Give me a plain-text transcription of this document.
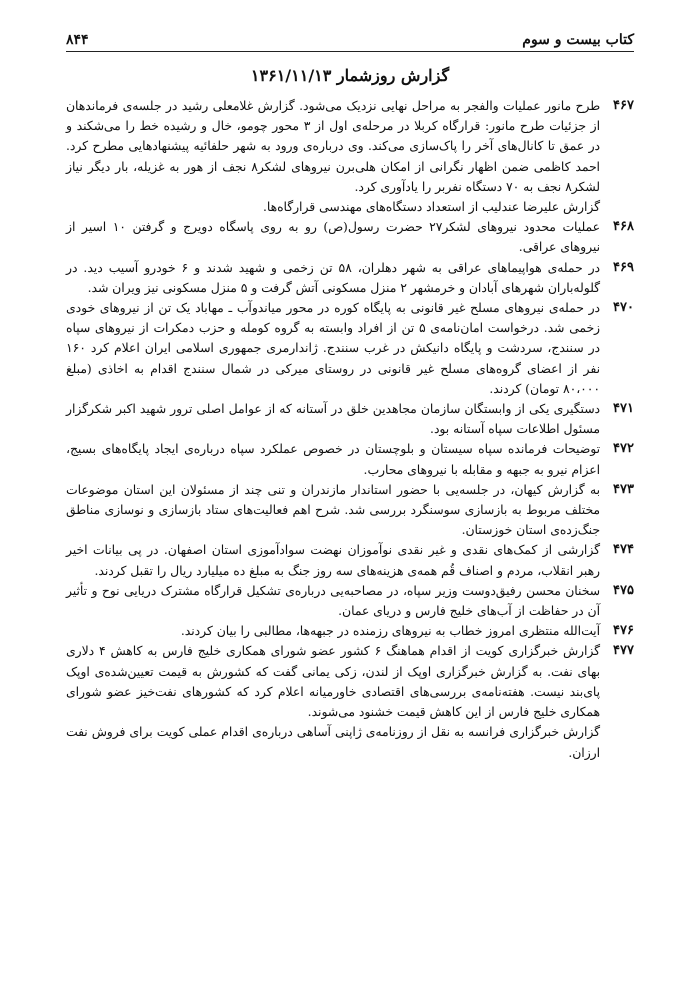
کتاب بیست و سوم
۸۴۴
گزارش روزشمار ۱۳۶۱/۱۱/۱۳
۴۶۷

طرح مانور عملیات والفجر به مراحل نهایی نزدیک می‌شود. گزارش غلامعلی رشید در جلسه‌ی فرماندهان از جزئیات طرح مانور: قرارگاه کربلا در مرحله‌ی اول از ۳ محور چومو، خال و رشیده خط را می‌شکند و در عمق تا کانال‌های آخر را پاک‌سازی می‌کند. وی درباره‌ی ورود به شهر حلفائیه پیشنهادهایی مطرح کرد. احمد کاظمی ضمن اظهار نگرانی از امکان هلی‌برن نیروهای لشکر۸ نجف از هور به غزیله، بار دیگر نیاز لشکر۸ نجف به ۷۰ دستگاه نفربر را یادآوری کرد.

گزارش علیرضا عندلیب از استعداد دستگاه‌های مهندسی قرارگاه‌ها.

۴۶۸

عملیات محدود نیروهای لشکر۲۷ حضرت رسول(ص) رو به روی پاسگاه دویرج و گرفتن ۱۰ اسیر از نیروهای عراقی.

۴۶۹

در حمله‌ی هواپیماهای عراقی به شهر دهلران، ۵۸ تن زخمی و شهید شدند و ۶ خودرو آسیب دید. در گلوله‌باران شهرهای آبادان و خرمشهر ۲ منزل مسکونی آتش گرفت و ۵ منزل مسکونی نیز ویران شد.

۴۷۰

در حمله‌ی نیروهای مسلح غیر قانونی به پایگاه کوره در محور میاندوآب ـ مهاباد یک تن از نیروهای خودی زخمی شد. درخواست امان‌نامه‌ی ۵ تن از افراد وابسته به گروه کومله و حزب دمکرات از نیروهای سپاه در سنندج، سردشت و پایگاه دانیکش در غرب سنندج. ژاندارمری جمهوری اسلامی ایران اعلام کرد ۱۶۰ نفر از اعضای گروه‌های مسلح غیر قانونی در روستای میرکی در شمال سنندج اقدام به اخاذی (مبلغ ۸۰،۰۰۰ تومان) کردند.

۴۷۱

دستگیری یکی از وابستگان سازمان مجاهدین خلق در آستانه که از عوامل اصلی ترور شهید اکبر شکرگزار مسئول اطلاعات سپاه آستانه بود.

۴۷۲

توضیحات فرمانده سپاه سیستان و بلوچستان در خصوص عملکرد سپاه درباره‌ی ایجاد پایگاه‌های بسیج، اعزام نیرو به جبهه و مقابله با نیروهای محارب.

۴۷۳

به گزارش کیهان، در جلسه‌یی با حضور استاندار مازندران و تنی چند از مسئولان این استان موضوعات مختلف مربوط به بازسازی سوسنگرد بررسی شد. شرح اهم فعالیت‌های ستاد بازسازی و نوسازی مناطق جنگ‌زده‌ی استان خوزستان.

۴۷۴

گزارشی از کمک‌های نقدی و غیر نقدی نوآموزان نهضت سوادآموزی استان اصفهان. در پی بیانات اخیر رهبر انقلاب، مردم و اصناف قُم همه‌ی هزینه‌های سه روز جنگ به مبلغ ده میلیارد ریال را تقبل کردند.

۴۷۵

سخنان محسن رفیق‌دوست وزیر سپاه، در مصاحبه‌یی درباره‌ی تشکیل قرارگاه مشترک دریایی نوح و تأثیر آن در حفاظت از آب‌های خلیج فارس و دریای عمان.

۴۷۶

آیت‌الله منتظری امروز خطاب به نیروهای رزمنده در جبهه‌ها، مطالبی را بیان کردند.

۴۷۷

گزارش خبرگزاری کویت از اقدام هماهنگ ۶ کشور عضو شورای همکاری خلیج فارس به کاهش ۴ دلاری بهای نفت. به گزارش خبرگزاری اوپک از لندن، زکی یمانی گفت که کشورش به قیمت تعیین‌شده‌ی اوپک پای‌بند نیست. هفته‌نامه‌ی بررسی‌های اقتصادی خاورمیانه اعلام کرد که کشورهای نفت‌خیز عضو شورای همکاری خلیج فارس از این کاهش قیمت خشنود می‌شوند.

گزارش خبرگزاری فرانسه به نقل از روزنامه‌ی ژاپنی آساهی درباره‌ی اقدام عملی کویت برای فروش نفت ارزان.
